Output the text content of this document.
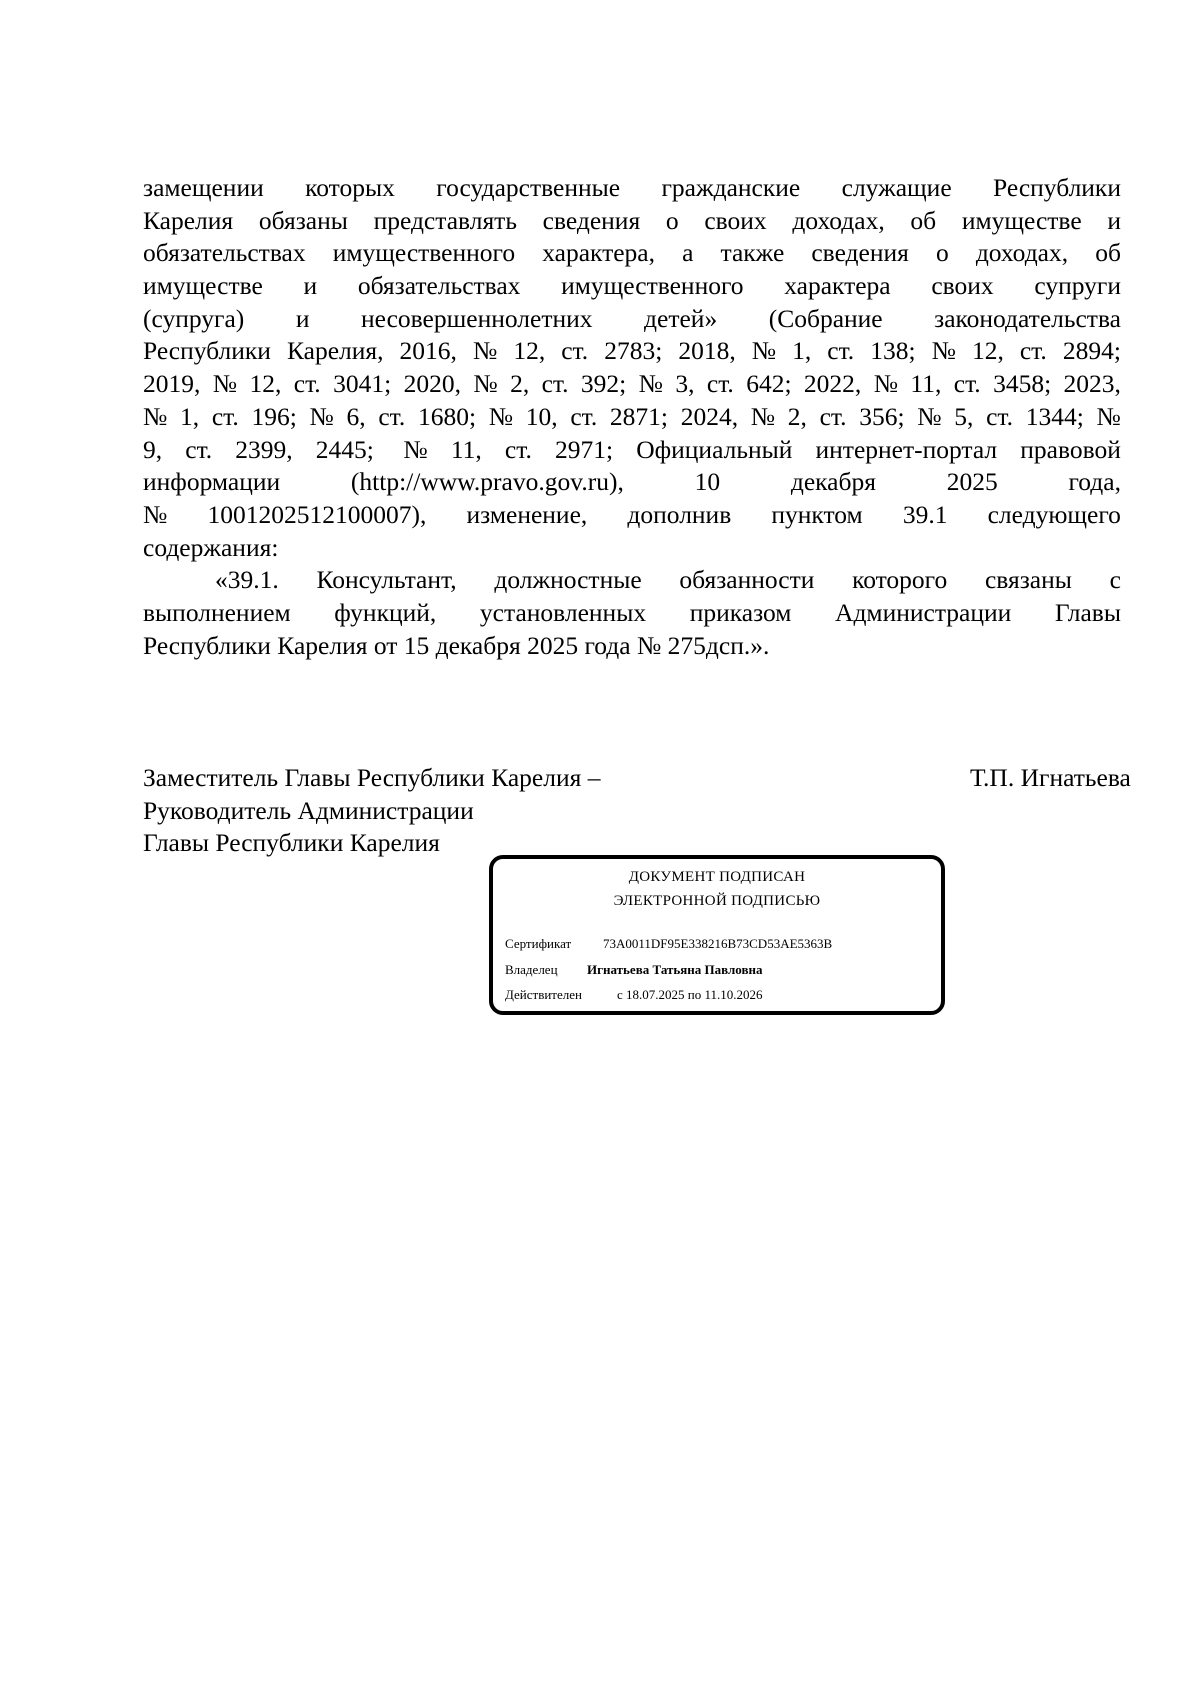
замещении которых государственные гражданские служащие Республики
Карелия обязаны представлять сведения о своих доходах, об имуществе и
обязательствах имущественного характера, а также сведения о доходах, об
имуществе и обязательствах имущественного характера своих супруги
(супруга) и несовершеннолетних детей» (Собрание законодательства
Республики Карелия, 2016, № 12, ст. 2783; 2018, № 1, ст. 138; № 12, ст. 2894;
2019, № 12, ст. 3041; 2020, № 2, ст. 392; № 3, ст. 642; 2022, № 11, ст. 3458; 2023,
№ 1, ст. 196; № 6, ст. 1680; № 10, ст. 2871; 2024, № 2, ст. 356; № 5, ст. 1344; №
9, ст. 2399, 2445; № 11, ст. 2971; Официальный интернет-портал правовой
информации	(http://www.pravo.gov.ru),	10	декабря	2025	года,
№ 1001202512100007), изменение, дополнив пунктом 39.1 следующего
содержания:
«39.1. Консультант, должностные обязанности которого связаны с
выполнением функций, установленных приказом Администрации Главы
Республики Карелия от 15 декабря 2025 года № 275дсп.».
Заместитель Главы Республики Карелия –
Руководитель Администрации
Главы Республики Карелия
Т.П. Игнатьева
ДОКУМЕНТ ПОДПИСАН
ЭЛЕКТРОННОЙ ПОДПИСЬЮ
Сертификат 73A0011DF95E338216B73CD53AE5363B
Владелец Игнатьева Татьяна Павловна
Действителен	с 18.07.2025 по 11.10.2026
